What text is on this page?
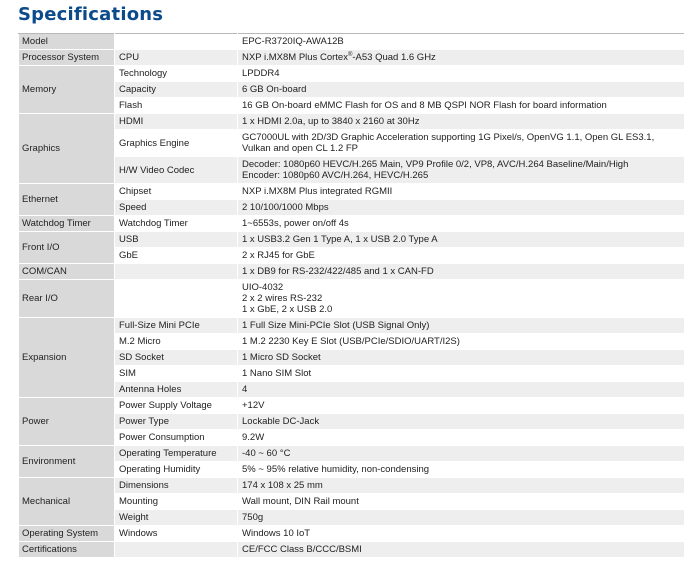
Specifications
Model		EPC-R3720IQ-AWA12B
Processor System	CPU	NXP i.MX8M Plus Cortex®-A53 Quad 1.6 GHz
Memory	Technology	LPDDR4
	Capacity	6 GB On-board
	Flash	16 GB On-board eMMC Flash for OS and 8 MB QSPI NOR Flash for board information
Graphics	HDMI	1 x HDMI 2.0a, up to 3840 x 2160 at 30Hz
	Graphics Engine	GC7000UL with 2D/3D Graphic Acceleration supporting 1G Pixel/s, OpenVG 1.1, Open GL ES3.1, Vulkan and open CL 1.2 FP
	H/W Video Codec	Decoder: 1080p60 HEVC/H.265 Main, VP9 Profile 0/2, VP8, AVC/H.264 Baseline/Main/High
Encoder: 1080p60 AVC/H.264, HEVC/H.265

Ethernet	Chipset	NXP i.MX8M Plus integrated RGMII
	Speed	2 10/100/1000 Mbps
Watchdog Timer	Watchdog Timer	1~6553s, power on/off 4s
Front I/O	USB	1 x USB3.2 Gen 1 Type A, 1 x USB 2.0 Type A
	GbE	2 x RJ45 for GbE
COM/CAN		1 x DB9 for RS-232/422/485 and 1 x CAN-FD
Rear I/O		UIO-4032
2 x 2 wires RS-232
1 x GbE, 2 x USB 2.0

Expansion	Full-Size Mini PCIe	1 Full Size Mini-PCIe Slot (USB Signal Only)
	M.2 Micro	1 M.2 2230 Key E Slot (USB/PCIe/SDIO/UART/I2S)
	SD Socket	1 Micro SD Socket
	SIM	1 Nano SIM Slot
	Antenna Holes	4
Power	Power Supply Voltage	+12V
	Power Type	Lockable DC-Jack
	Power Consumption	9.2W
Environment	Operating Temperature	-40 ~ 60 °C
	Operating Humidity	5% ~ 95% relative humidity, non-condensing
Mechanical	Dimensions	174 x 108 x 25 mm
	Mounting	Wall mount, DIN Rail mount
	Weight	750g
Operating System	Windows	Windows 10 IoT
Certifications		CE/FCC Class B/CCC/BSMI
